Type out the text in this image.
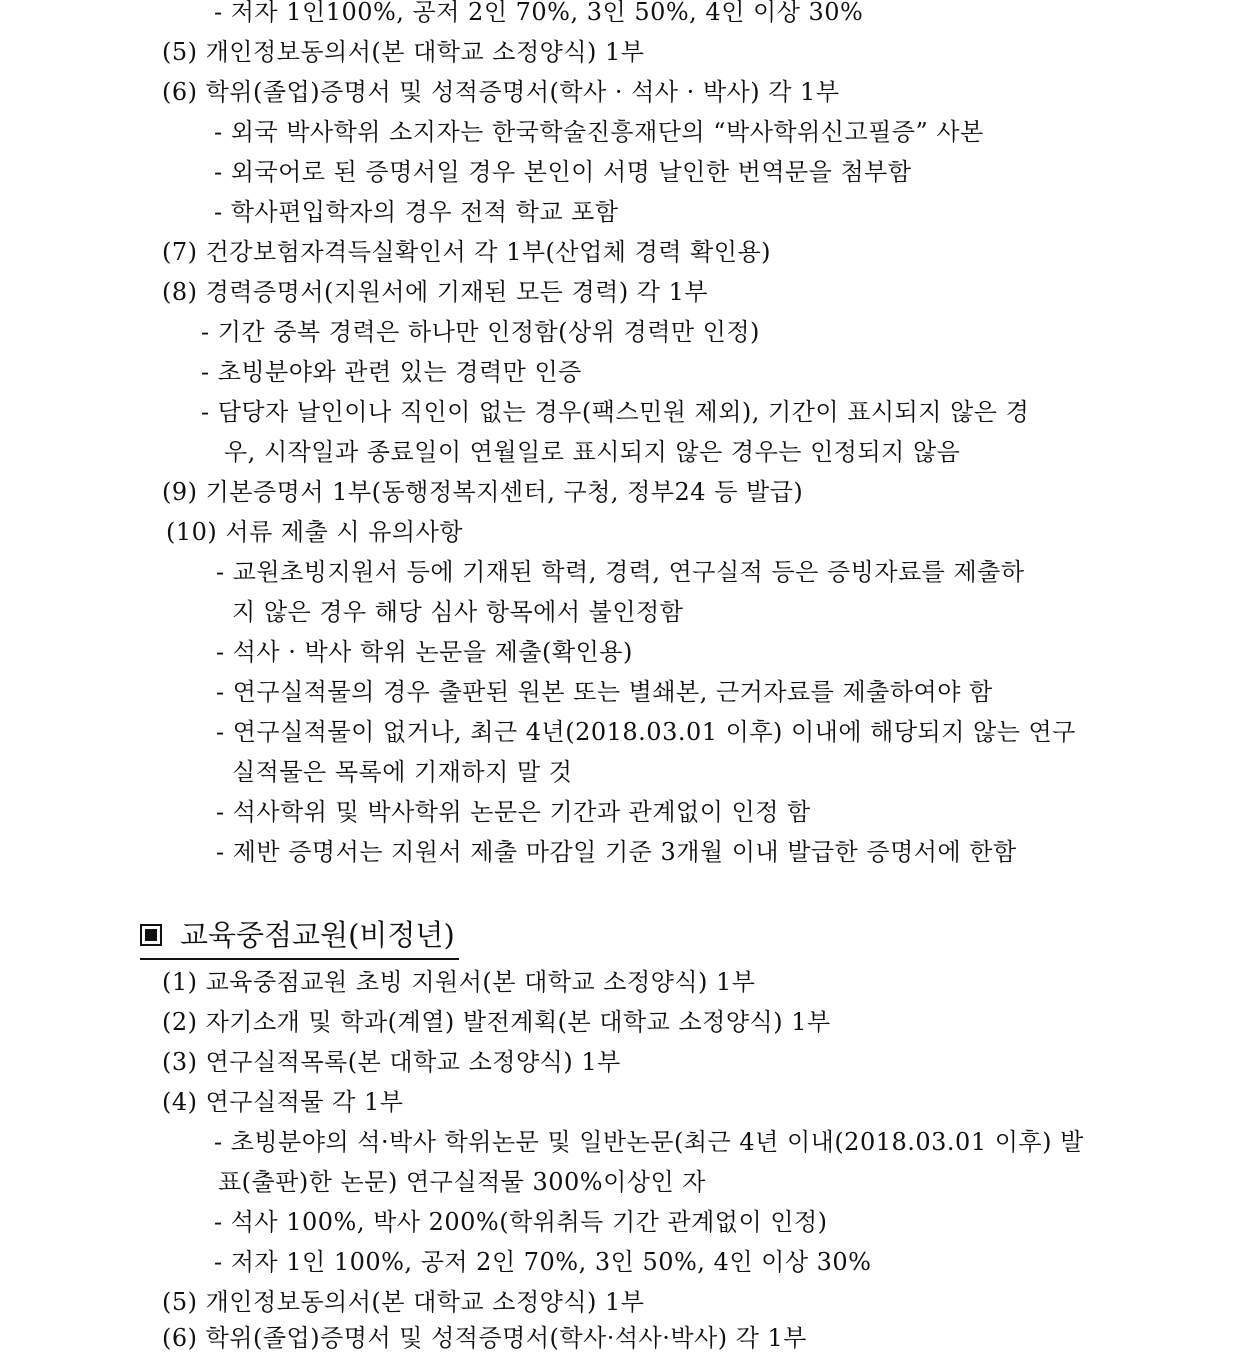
- 저자 1인100%, 공저 2인 70%, 3인 50%, 4인 이상 30%
(5) 개인정보동의서(본 대학교 소정양식) 1부
(6) 학위(졸업)증명서 및 성적증명서(학사 · 석사 · 박사) 각 1부
- 외국 박사학위 소지자는 한국학술진흥재단의 “박사학위신고필증” 사본
- 외국어로 된 증명서일 경우 본인이 서명 날인한 번역문을 첨부함
- 학사편입학자의 경우 전적 학교 포함
(7) 건강보험자격득실확인서 각 1부(산업체 경력 확인용)
(8) 경력증명서(지원서에 기재된 모든 경력) 각 1부
- 기간 중복 경력은 하나만 인정함(상위 경력만 인정)
- 초빙분야와 관련 있는 경력만 인증
- 담당자 날인이나 직인이 없는 경우(팩스민원 제외), 기간이 표시되지 않은 경
우, 시작일과 종료일이 연월일로 표시되지 않은 경우는 인정되지 않음
(9) 기본증명서 1부(동행정복지센터, 구청, 정부24 등 발급)
(10) 서류 제출 시 유의사항
- 교원초빙지원서 등에 기재된 학력, 경력, 연구실적 등은 증빙자료를 제출하
지 않은 경우 해당 심사 항목에서 불인정함
- 석사 · 박사 학위 논문을 제출(확인용)
- 연구실적물의 경우 출판된 원본 또는 별쇄본, 근거자료를 제출하여야 함
- 연구실적물이 없거나, 최근 4년(2018.03.01 이후) 이내에 해당되지 않는 연구
실적물은 목록에 기재하지 말 것
- 석사학위 및 박사학위 논문은 기간과 관계없이 인정 함
- 제반 증명서는 지원서 제출 마감일 기준 3개월 이내 발급한 증명서에 한함
교육중점교원(비정년)
(1) 교육중점교원 초빙 지원서(본 대학교 소정양식) 1부
(2) 자기소개 및 학과(계열) 발전계획(본 대학교 소정양식) 1부
(3) 연구실적목록(본 대학교 소정양식) 1부
(4) 연구실적물 각 1부
- 초빙분야의 석·박사 학위논문 및 일반논문(최근 4년 이내(2018.03.01 이후) 발
표(출판)한 논문) 연구실적물 300%이상인 자
- 석사 100%, 박사 200%(학위취득 기간 관계없이 인정)
- 저자 1인 100%, 공저 2인 70%, 3인 50%, 4인 이상 30%
(5) 개인정보동의서(본 대학교 소정양식) 1부
(6) 학위(졸업)증명서 및 성적증명서(학사·석사·박사) 각 1부
